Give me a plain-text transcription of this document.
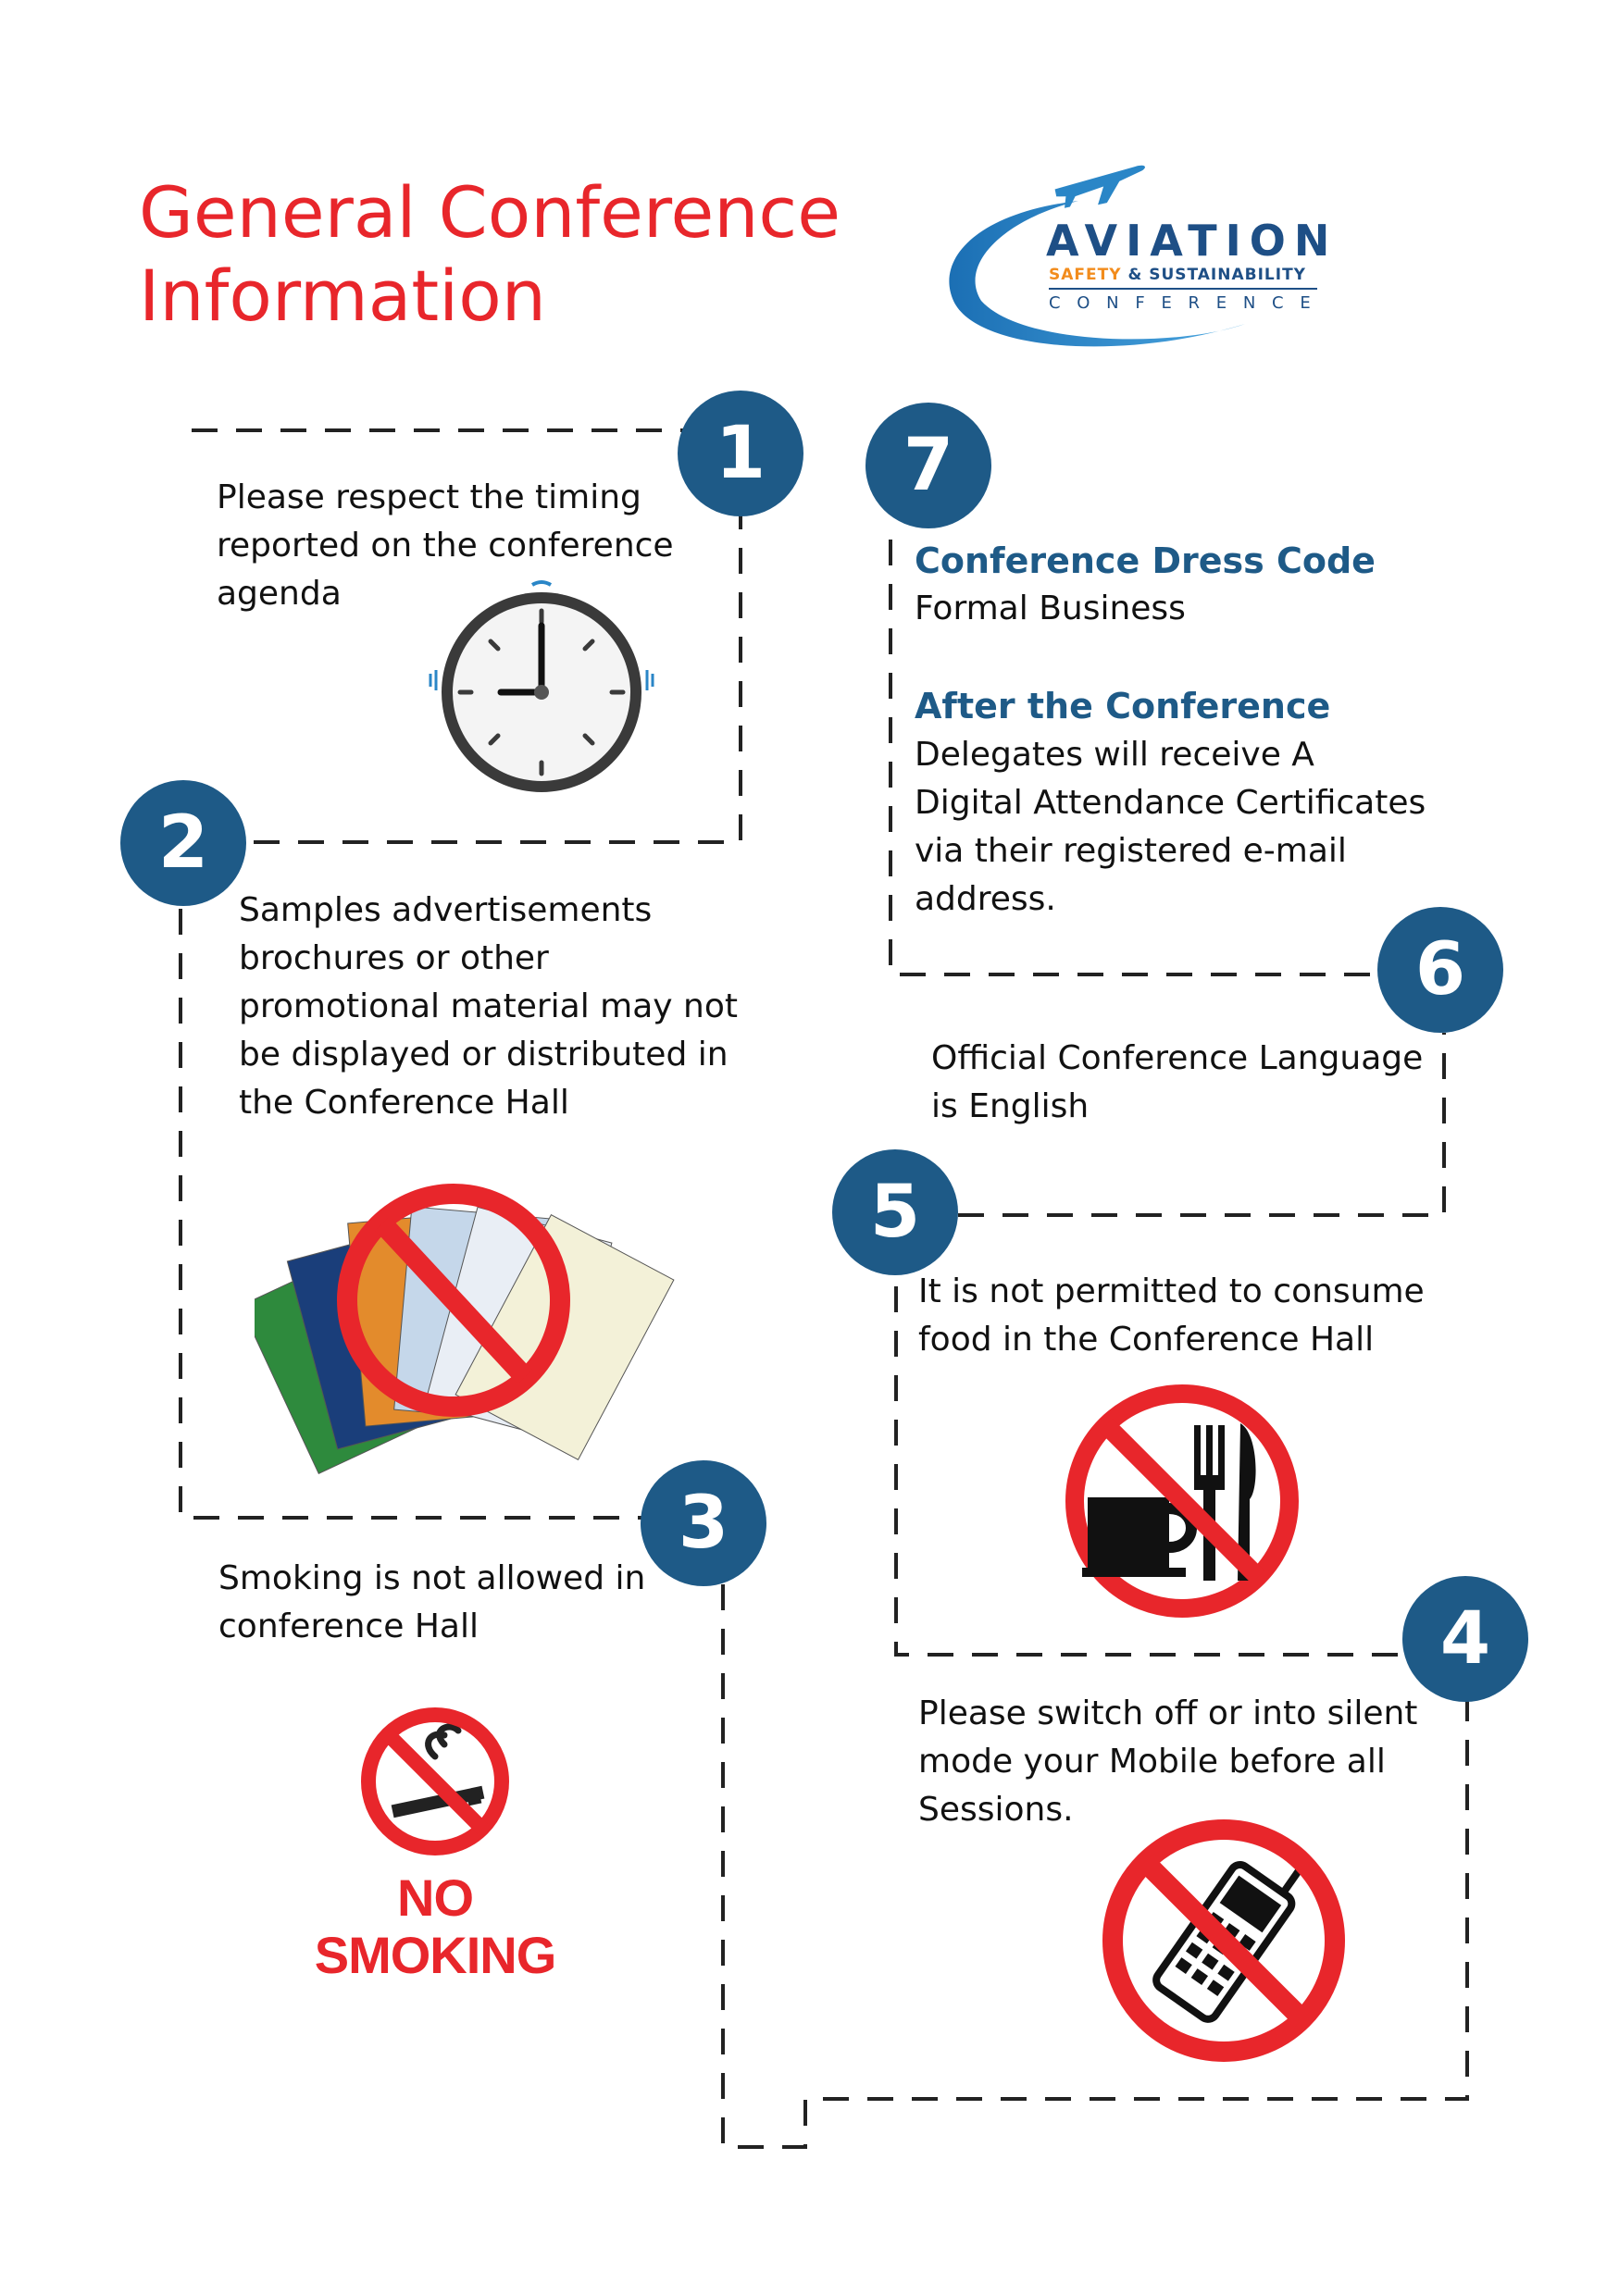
General Conference
Information
AVIATION
SAFETY & SUSTAINABILITY
C O N F E R E N C E
1
Please respect the timing
reported on the conference
agenda
2
Samples advertisements
brochures or other
promotional material may not
be displayed or distributed in
the Conference Hall
3
Smoking is not allowed in
conference Hall
NO
SMOKING
4
Please switch off or into silent
mode your Mobile before all
Sessions.
5
It is not permitted to consume
food in the Conference Hall
6
Official Conference Language
is English
7
Conference Dress Code
Formal Business
After the Conference
Delegates will receive A
Digital Attendance Certificates
via their registered e-mail
address.
